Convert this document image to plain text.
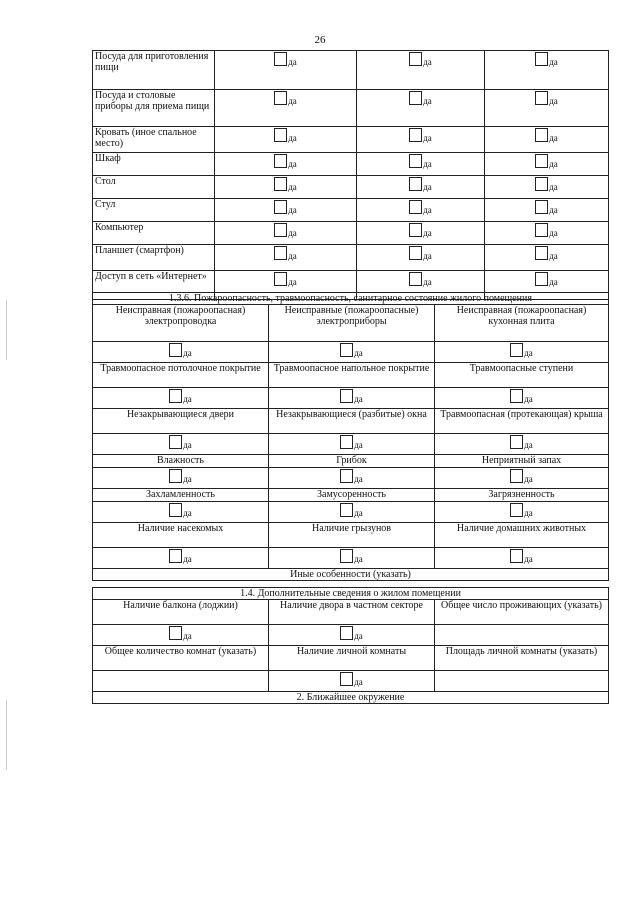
26
Посуда для приготовления пищи	да	да	да
Посуда и столовые приборы для приема пищи	да	да	да
Кровать (иное спальное место)	да	да	да
Шкаф	да	да	да
Стол	да	да	да
Стул	да	да	да
Компьютер	да	да	да
Планшет (смартфон)	да	да	да
Доступ в сеть «Интернет»	да	да	да
1.3.6. Пожароопасность, травмоопасность, санитарное состояние жилого помещения		
Неисправная (пожароопасная) электропроводка	Неисправные (пожароопасные) электроприборы	Неисправная (пожароопасная) кухонная плита
да	да	да
Травмоопасное потолочное покрытие	Травмоопасное напольное покрытие	Травмоопасные ступени
да	да	да
Незакрывающиеся двери	Незакрывающиеся (разбитые) окна	Травмоопасная (протекающая) крыша
да	да	да
Влажность	Грибок	Неприятный запах
да	да	да
Захламленность	Замусоренность	Загрязненность
да	да	да
Наличие насекомых	Наличие грызунов	Наличие домашних животных
да	да	да
Иные особенности (указать)		
1.4. Дополнительные сведения о жилом помещении		
Наличие балкона (лоджии)	Наличие двора в частном секторе	Общее число проживающих (указать)
да	да	
Общее количество комнат (указать)	Наличие личной комнаты	Площадь личной комнаты (указать)
	да	
2. Ближайшее окружение		
